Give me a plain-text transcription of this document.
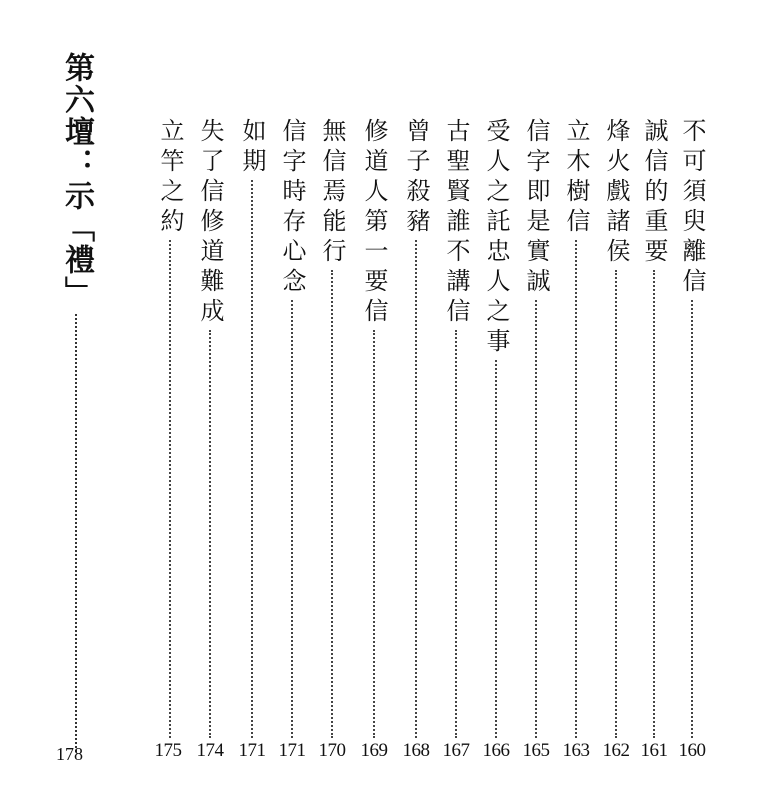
第六壇：示「禮」
178
不可須臾離信
160
誠信的重要
161
烽火戲諸侯
162
立木樹信
163
信字即是實誠
165
受人之託忠人之事
166
古聖賢誰不講信
167
曾子殺豬
168
修道人第一要信
169
無信焉能行
170
信字時存心念
171
如期
171
失了信修道難成
174
立竿之約
175
